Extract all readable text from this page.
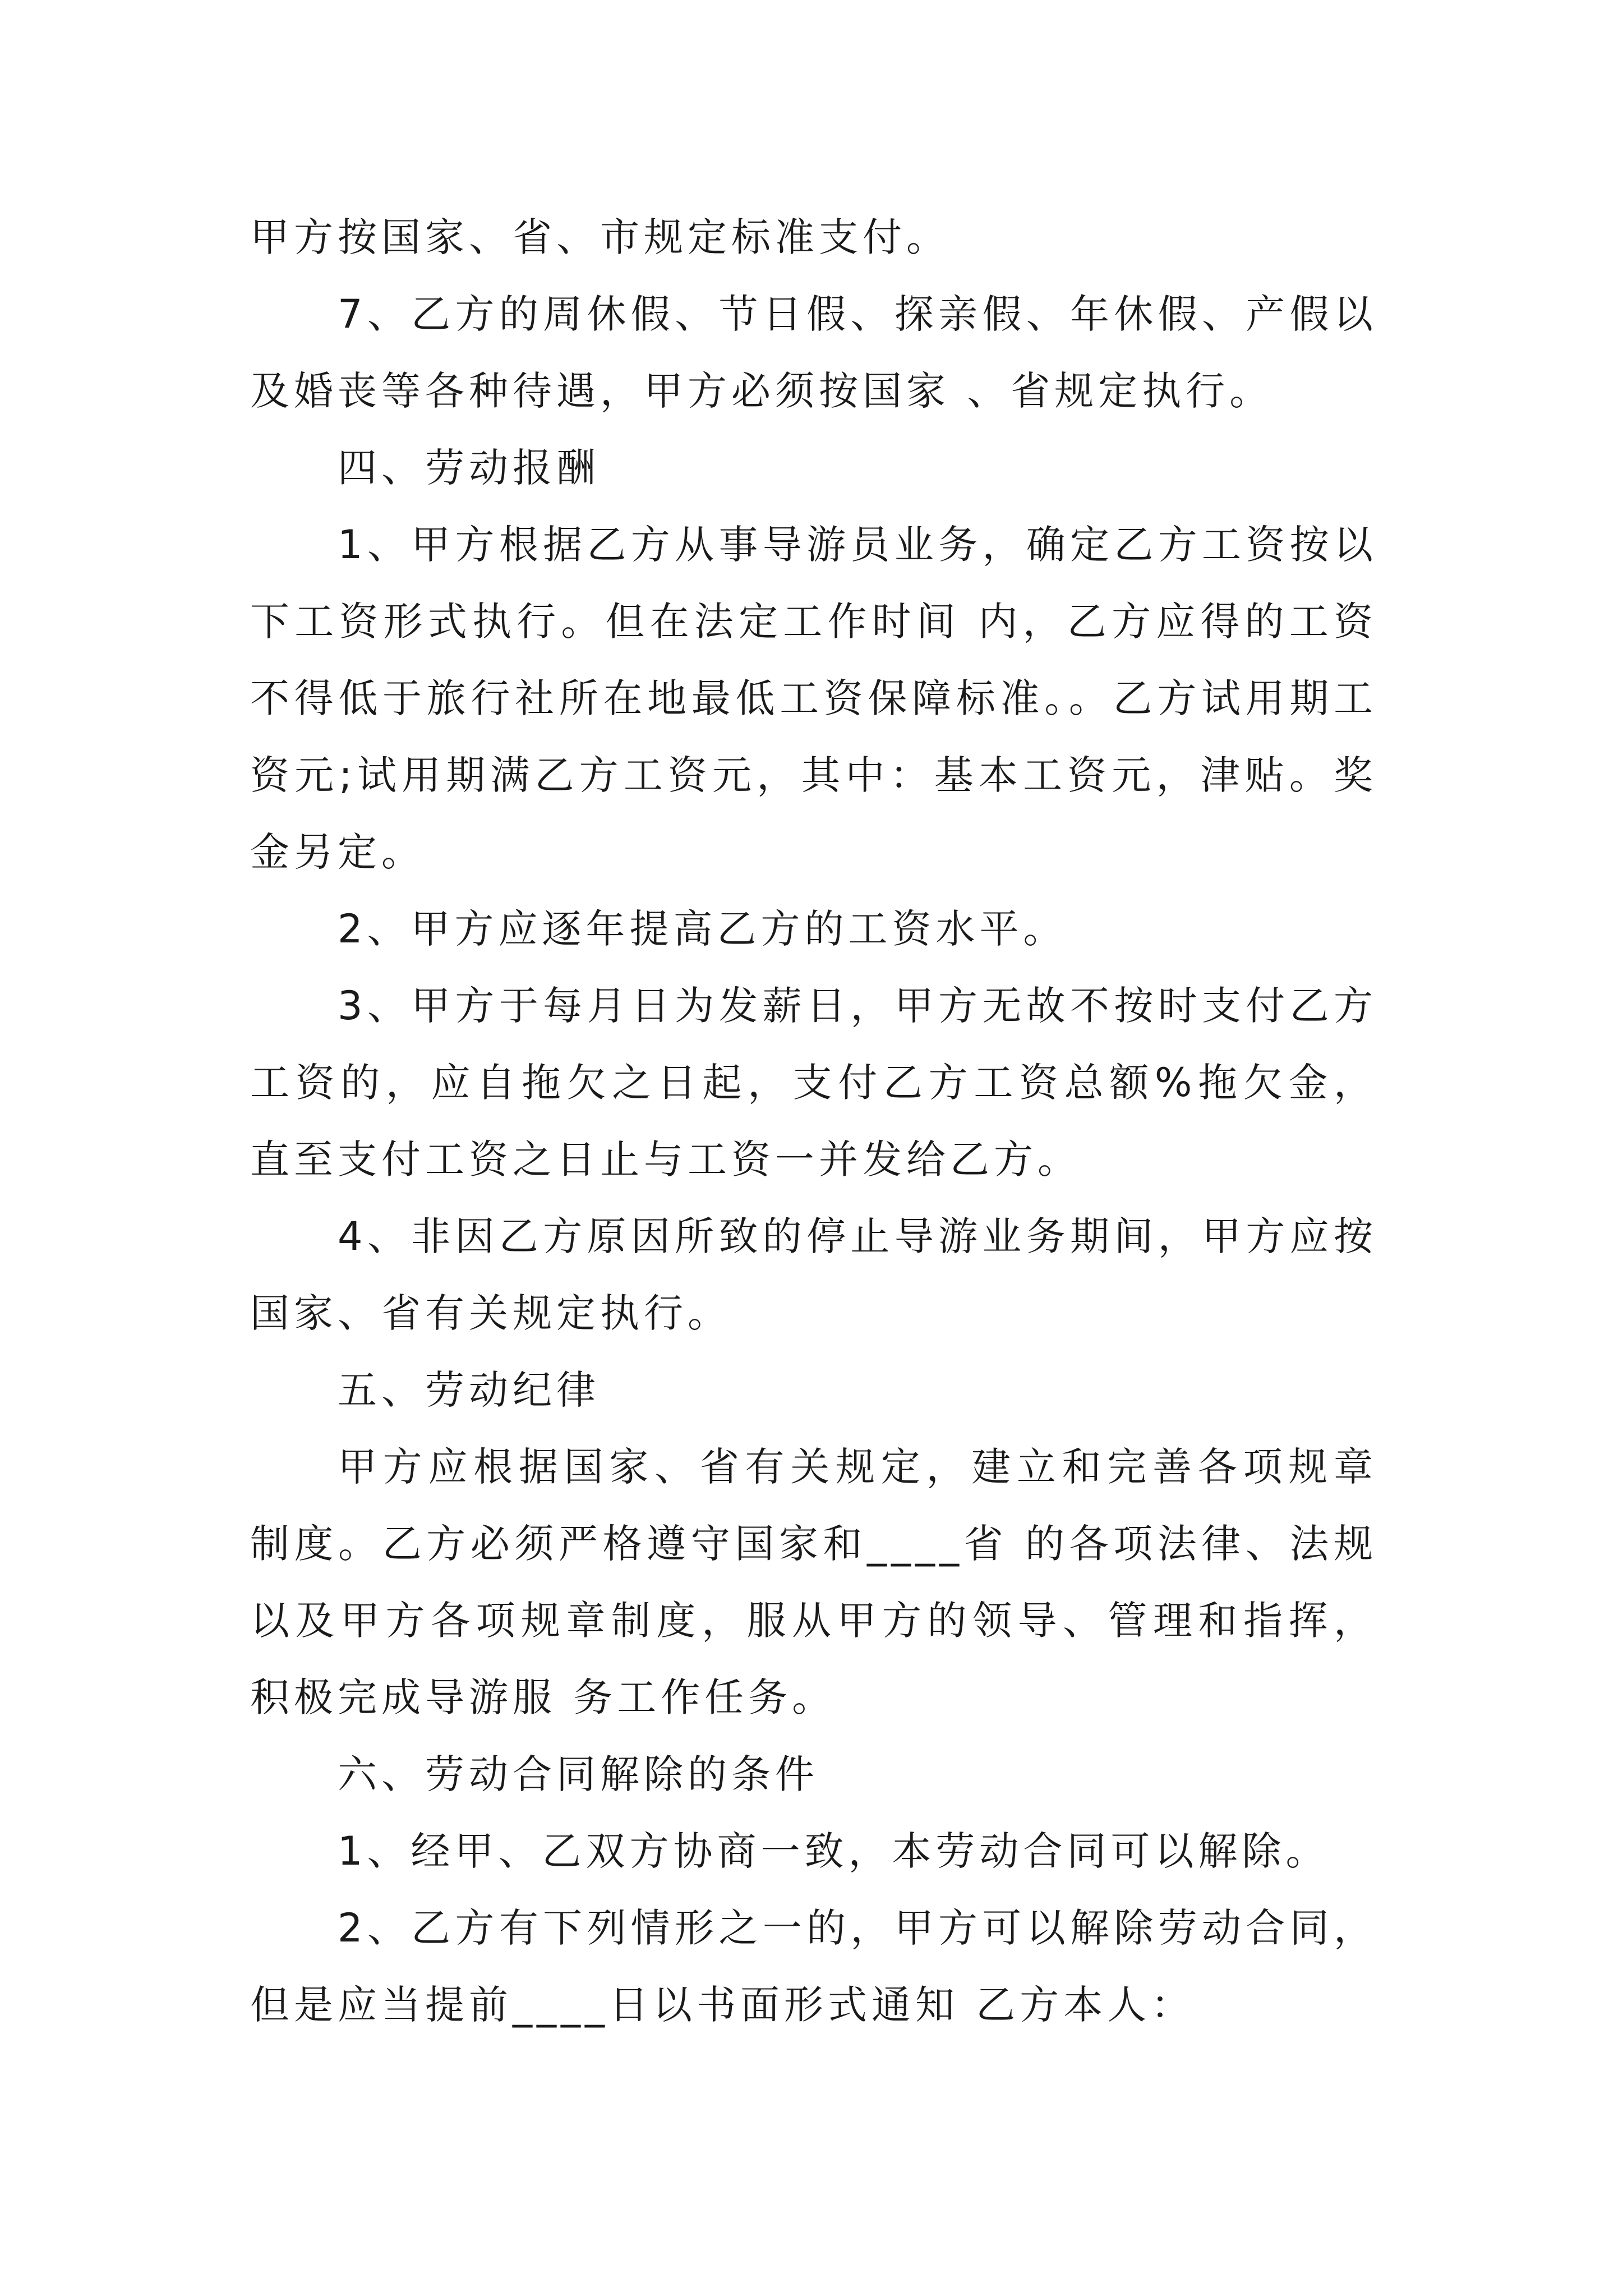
甲方按国家、省、市规定标准支付。

7、乙方的周休假、节日假、探亲假、年休假、产假以及婚丧等各种待遇，甲方必须按国家 、省规定执行。

四、劳动报酬

1、甲方根据乙方从事导游员业务，确定乙方工资按以下工资形式执行。但在法定工作时间 内，乙方应得的工资不得低于旅行社所在地最低工资保障标准。。乙方试用期工资元;试用期满乙方工资元，其中：基本工资元，津贴。奖金另定。

2、甲方应逐年提高乙方的工资水平。

3、甲方于每月日为发薪日，甲方无故不按时支付乙方工资的，应自拖欠之日起，支付乙方工资总额%拖欠金，直至支付工资之日止与工资一并发给乙方。

4、非因乙方原因所致的停止导游业务期间，甲方应按国家、省有关规定执行。

五、劳动纪律

甲方应根据国家、省有关规定，建立和完善各项规章制度。乙方必须严格遵守国家和____省 的各项法律、法规以及甲方各项规章制度，服从甲方的领导、管理和指挥，积极完成导游服 务工作任务。

六、劳动合同解除的条件

1、经甲、乙双方协商一致，本劳动合同可以解除。

2、乙方有下列情形之一的，甲方可以解除劳动合同，但是应当提前____日以书面形式通知 乙方本人：
